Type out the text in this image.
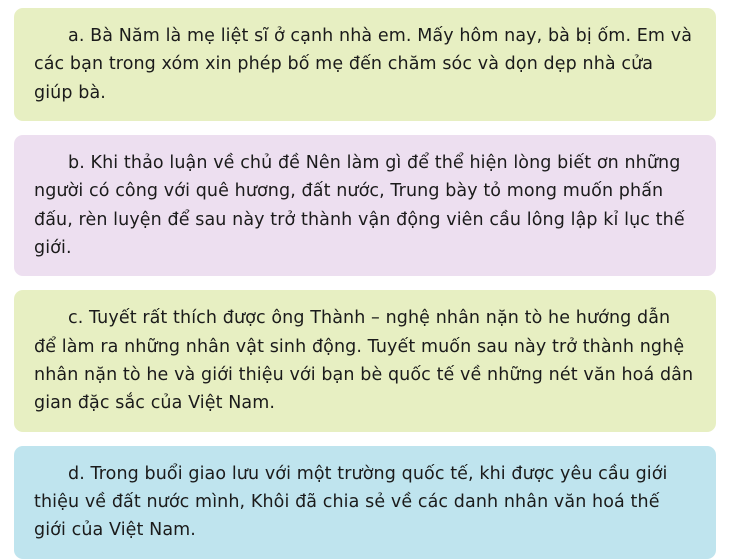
a. Bà Năm là mẹ liệt sĩ ở cạnh nhà em. Mấy hôm nay, bà bị ốm. Em và các bạn trong xóm xin phép bố mẹ đến chăm sóc và dọn dẹp nhà cửa giúp bà.

b. Khi thảo luận về chủ đề Nên làm gì để thể hiện lòng biết ơn những người có công với quê hương, đất nước, Trung bày tỏ mong muốn phấn đấu, rèn luyện để sau này trở thành vận động viên cầu lông lập kỉ lục thế giới.

c. Tuyết rất thích được ông Thành – nghệ nhân nặn tò he hướng dẫn để làm ra những nhân vật sinh động. Tuyết muốn sau này trở thành nghệ nhân nặn tò he và giới thiệu với bạn bè quốc tế về những nét văn hoá dân gian đặc sắc của Việt Nam.

d. Trong buổi giao lưu với một trường quốc tế, khi được yêu cầu giới thiệu về đất nước mình, Khôi đã chia sẻ về các danh nhân văn hoá thế giới của Việt Nam.
